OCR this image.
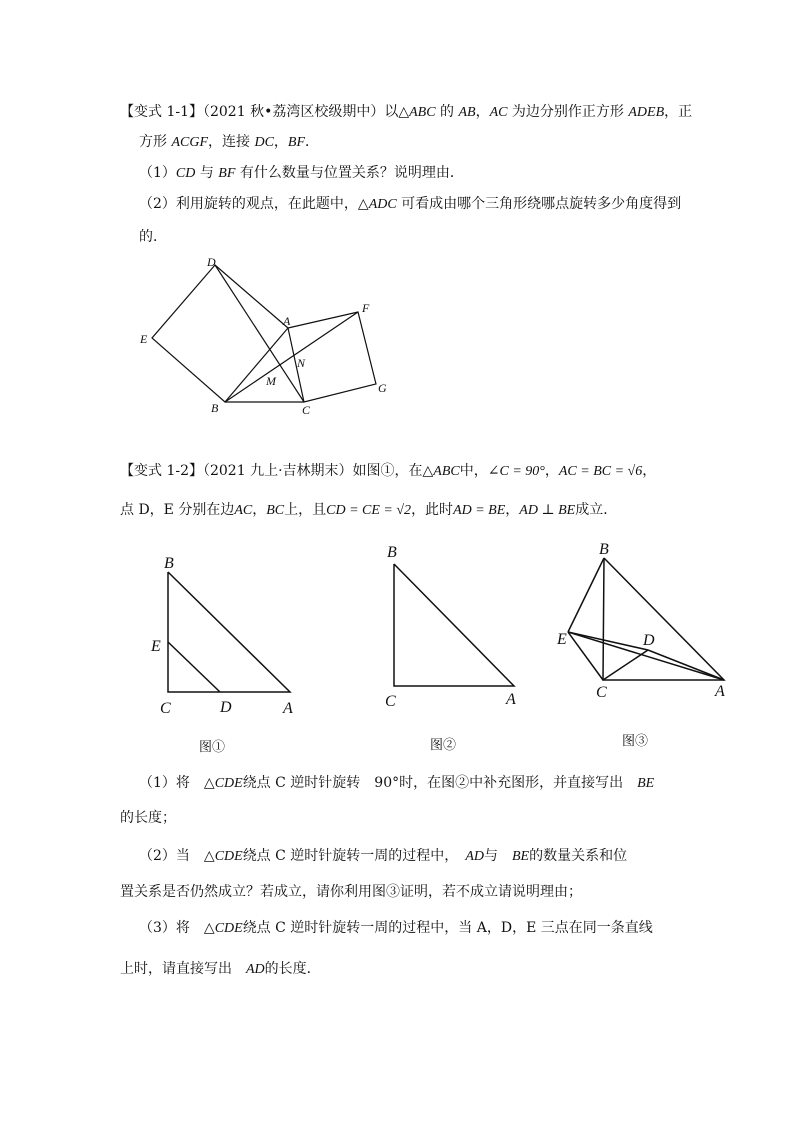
【变式 1-1】（2021 秋•荔湾区校级期中）以△ABC 的 AB，AC 为边分别作正方形 ADEB，正
方形 ACGF，连接 DC，BF．
（1）CD 与 BF 有什么数量与位置关系？说明理由．
（2）利用旋转的观点，在此题中，△ADC 可看成由哪个三角形绕哪点旋转多少角度得到
的．
D
E
A
F
N
M
B	C
G
【变式 1-2】（2021 九上·吉林期末）如图①，在△ABC中，∠C = 90°，AC = BC = √6，
点 D，E 分别在边AC，BC上，且CD = CE = √2，此时AD = BE，AD ⊥ BE成立．
B
E
C	D	A
B
C	A
B
E	D
C	A
图①	图②	图③
（1）将　△CDE绕点 C 逆时针旋转　90°时，在图②中补充图形，并直接写出　BE
的长度；
（2）当　△CDE绕点 C 逆时针旋转一周的过程中，　AD与　BE的数量关系和位
置关系是否仍然成立？若成立，请你利用图③证明，若不成立请说明理由；
（3）将　△CDE绕点 C 逆时针旋转一周的过程中，当 A，D，E 三点在同一条直线
上时，请直接写出　AD的长度．
